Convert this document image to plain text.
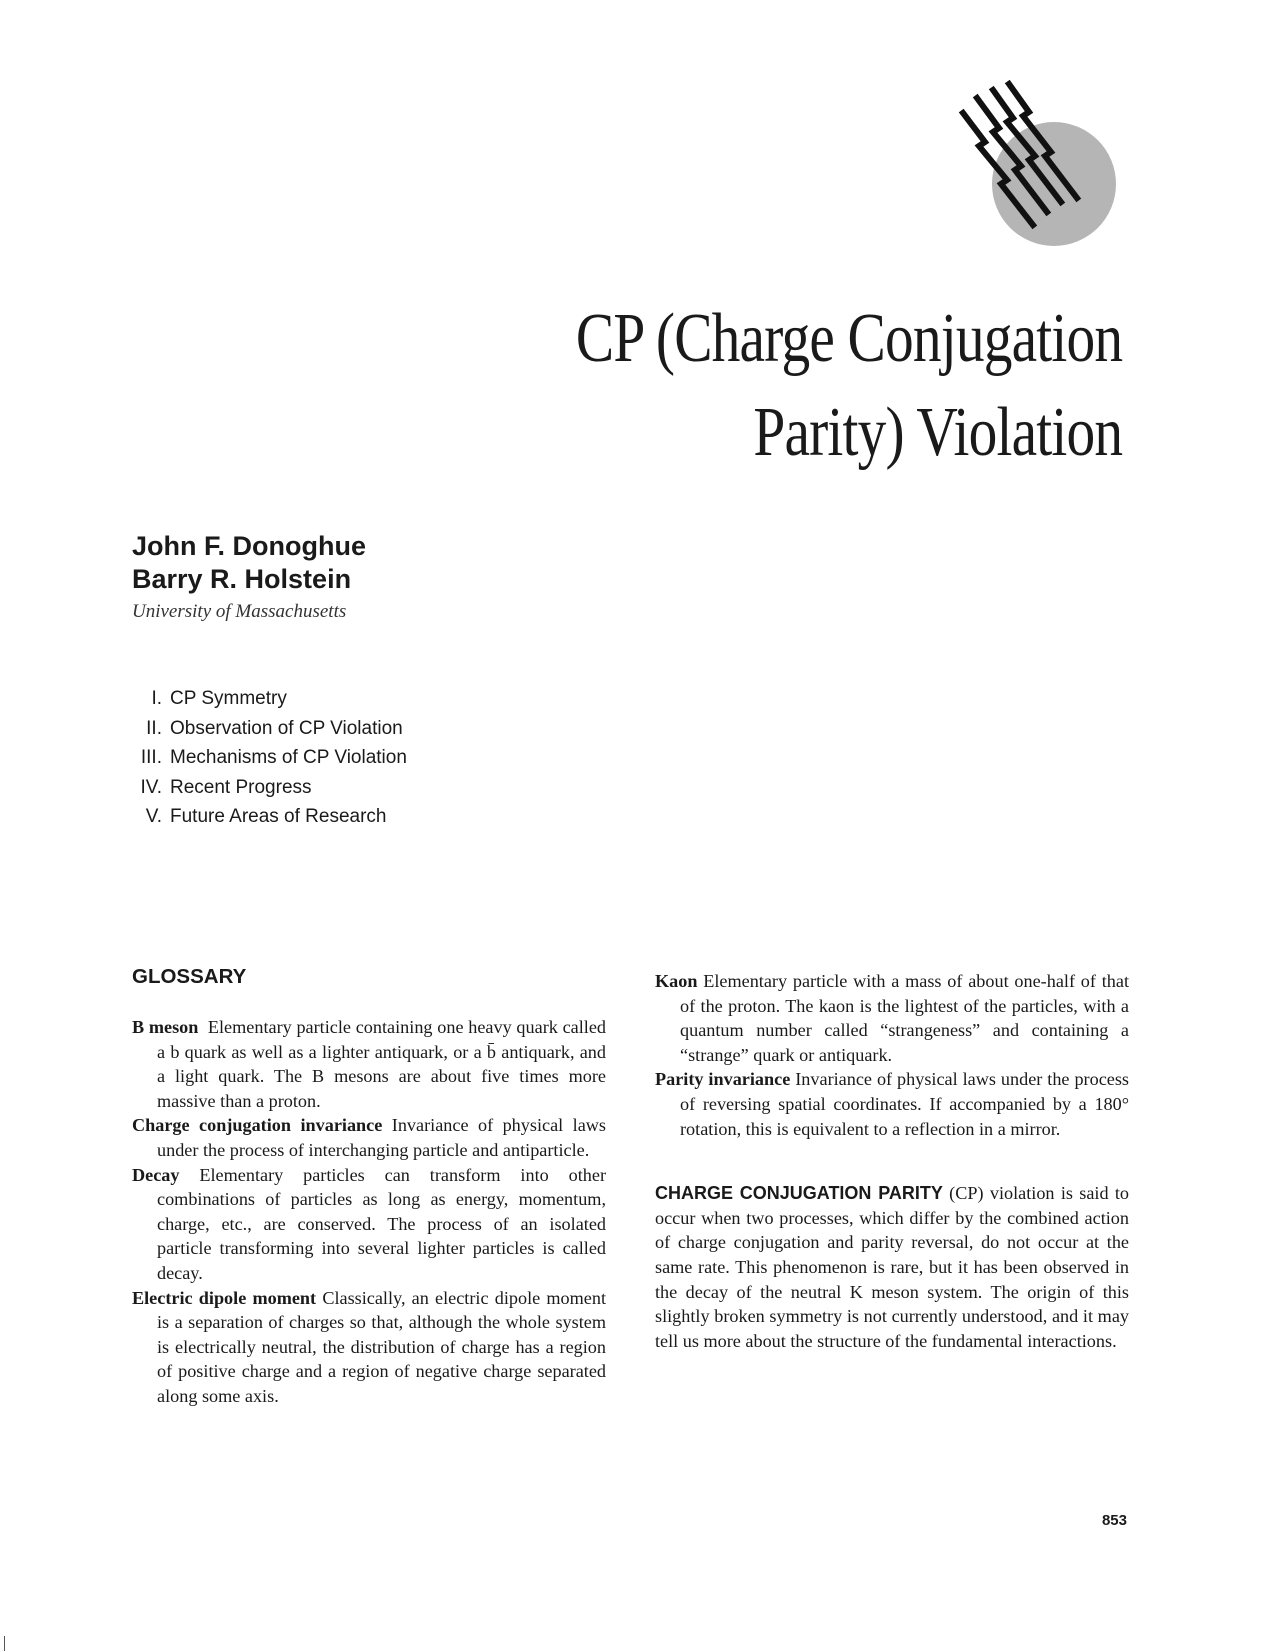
CP (Charge Conjugation
Parity) Violation
John F. Donoghue
Barry R. Holstein
University of Massachusetts
I. CP Symmetry
II. Observation of CP Violation
III. Mechanisms of CP Violation
IV. Recent Progress
V. Future Areas of Research
GLOSSARY

B meson Elementary particle containing one heavy quark called a b quark as well as a lighter antiquark, or a b̄ antiquark, and a light quark. The B mesons are about five times more massive than a proton.

Charge conjugation invariance Invariance of physical laws under the process of interchanging particle and antiparticle.

Decay Elementary particles can transform into other combinations of particles as long as energy, momentum, charge, etc., are conserved. The process of an isolated particle transforming into several lighter particles is called decay.

Electric dipole moment Classically, an electric dipole moment is a separation of charges so that, although the whole system is electrically neutral, the distribution of charge has a region of positive charge and a region of negative charge separated along some axis.

Kaon Elementary particle with a mass of about one-half of that of the proton. The kaon is the lightest of the particles, with a quantum number called “strangeness” and containing a “strange” quark or antiquark.

Parity invariance Invariance of physical laws under the process of reversing spatial coordinates. If accompanied by a 180° rotation, this is equivalent to a reflection in a mirror.

CHARGE CONJUGATION PARITY (CP) violation is said to occur when two processes, which differ by the combined action of charge conjugation and parity reversal, do not occur at the same rate. This phenomenon is rare, but it has been observed in the decay of the neutral K meson system. The origin of this slightly broken symmetry is not currently understood, and it may tell us more about the structure of the fundamental interactions.

853
